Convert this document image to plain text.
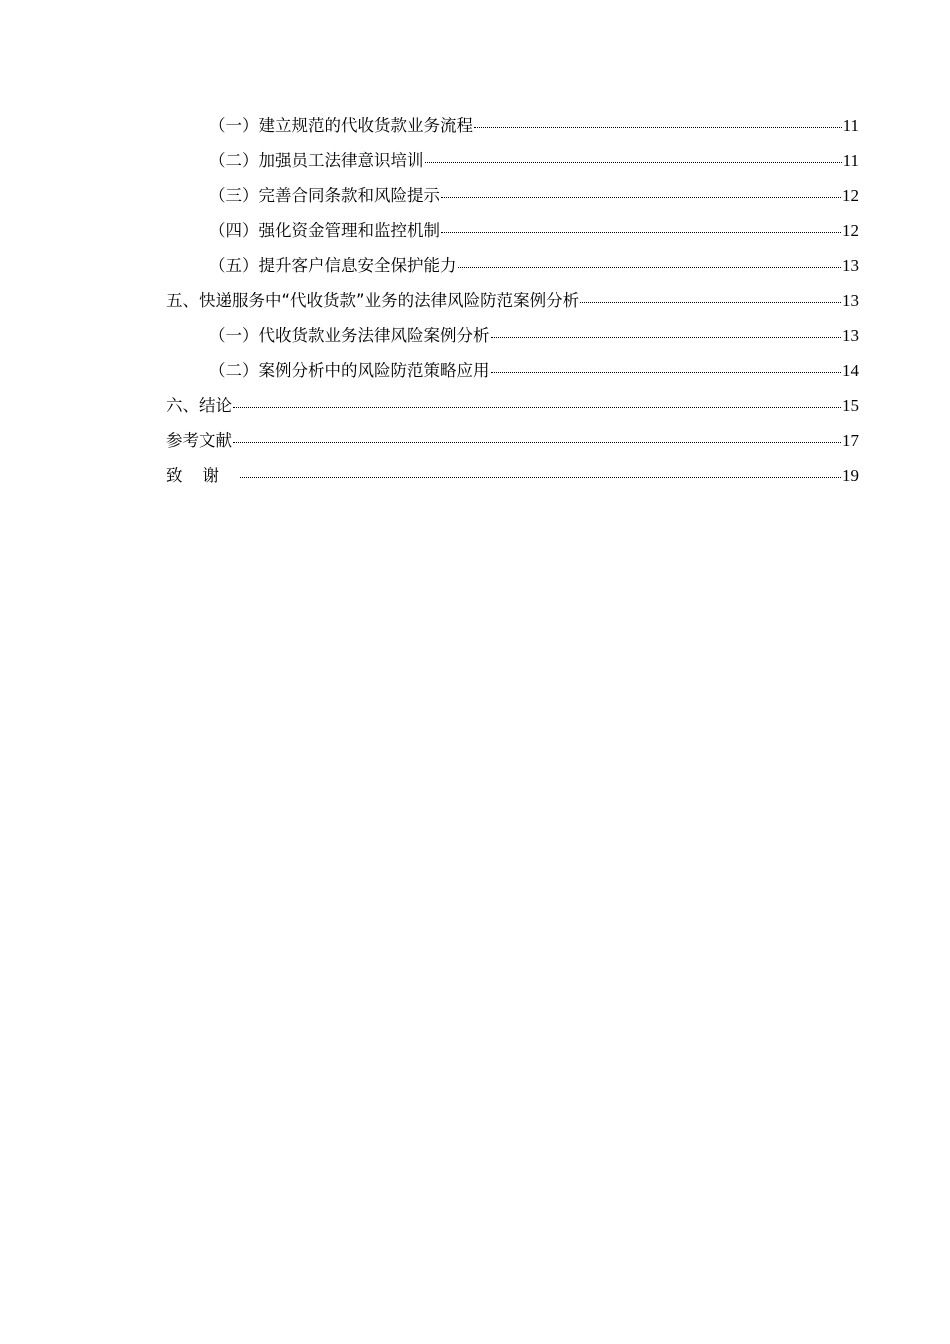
（一）建立规范的代收货款业务流程	11
（二）加强员工法律意识培训	11
（三）完善合同条款和风险提示	12
（四）强化资金管理和监控机制	12
（五）提升客户信息安全保护能力	13
五、快递服务中“代收货款”业务的法律风险防范案例分析	13
（一）代收货款业务法律风险案例分析	13
（二）案例分析中的风险防范策略应用	14
六、结论	15
参考文献	17
致谢	19
